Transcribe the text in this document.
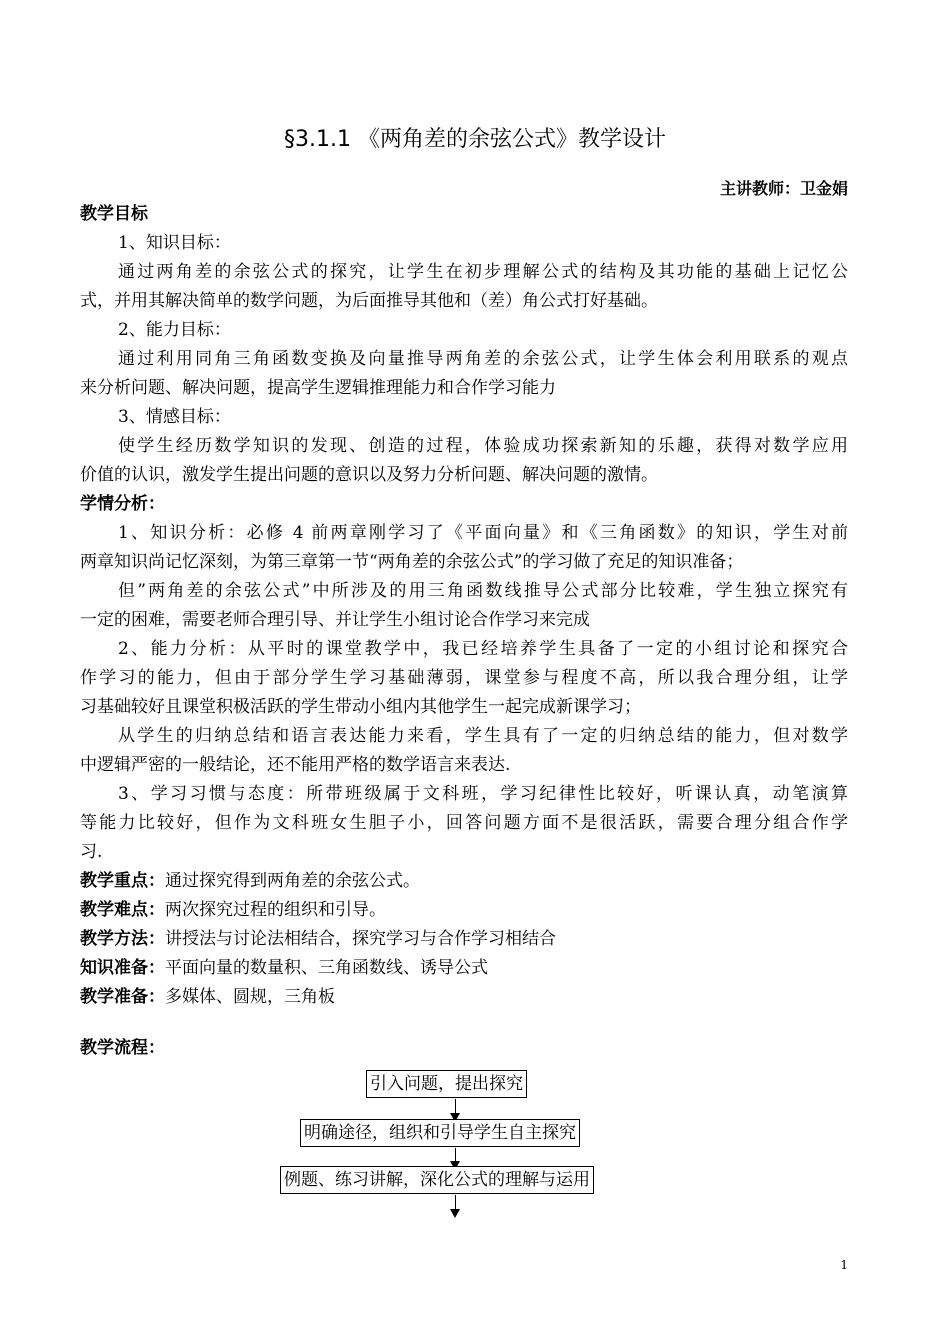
§3.1.1 《两角差的余弦公式》教学设计
主讲教师：卫金娟
教学目标
1、知识目标：
通过两角差的余弦公式的探究，让学生在初步理解公式的结构及其功能的基础上记忆公
式，并用其解决简单的数学问题，为后面推导其他和（差）角公式打好基础。
2、能力目标：
通过利用同角三角函数变换及向量推导两角差的余弦公式，让学生体会利用联系的观点
来分析问题、解决问题，提高学生逻辑推理能力和合作学习能力
3、情感目标：
使学生经历数学知识的发现、创造的过程，体验成功探索新知的乐趣，获得对数学应用
价值的认识，激发学生提出问题的意识以及努力分析问题、解决问题的激情。
学情分析：
1、知识分析：必修 4 前两章刚学习了《平面向量》和《三角函数》的知识，学生对前
两章知识尚记忆深刻，为第三章第一节“两角差的余弦公式”的学习做了充足的知识准备；
但”两角差的余弦公式”中所涉及的用三角函数线推导公式部分比较难，学生独立探究有
一定的困难，需要老师合理引导、并让学生小组讨论合作学习来完成
2、能力分析：从平时的课堂教学中，我已经培养学生具备了一定的小组讨论和探究合
作学习的能力，但由于部分学生学习基础薄弱，课堂参与程度不高，所以我合理分组，让学
习基础较好且课堂积极活跃的学生带动小组内其他学生一起完成新课学习；
从学生的归纳总结和语言表达能力来看，学生具有了一定的归纳总结的能力，但对数学
中逻辑严密的一般结论，还不能用严格的数学语言来表达.
3、学习习惯与态度：所带班级属于文科班，学习纪律性比较好，听课认真，动笔演算
等能力比较好，但作为文科班女生胆子小，回答问题方面不是很活跃，需要合理分组合作学
习.
教学重点：通过探究得到两角差的余弦公式。
教学难点：两次探究过程的组织和引导。
教学方法：讲授法与讨论法相结合，探究学习与合作学习相结合
知识准备：平面向量的数量积、三角函数线、诱导公式
教学准备：多媒体、圆规，三角板
教学流程：
引入问题，提出探究
明确途径，组织和引导学生自主探究
例题、练习讲解，深化公式的理解与运用
1
